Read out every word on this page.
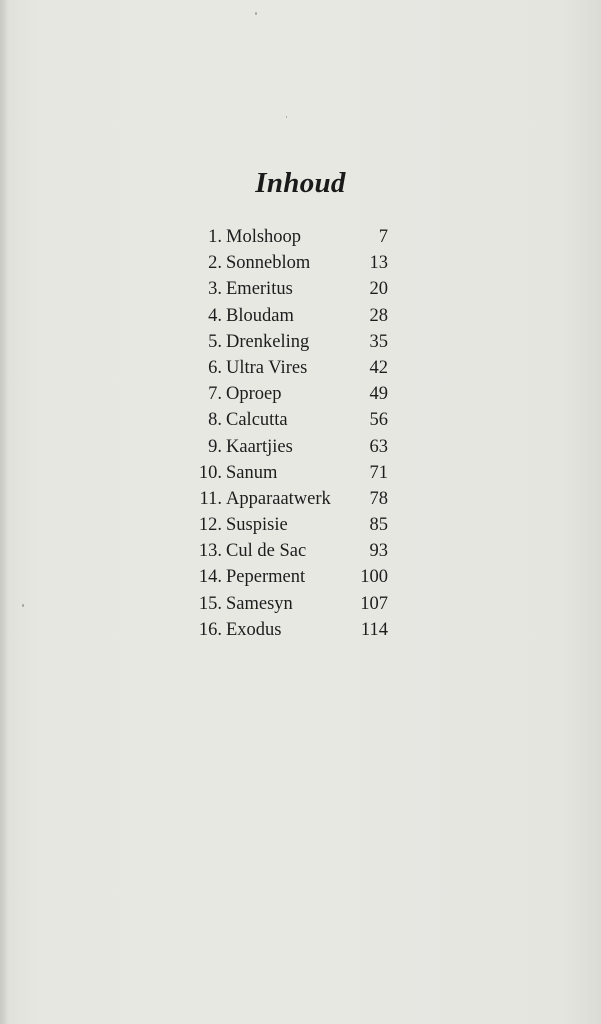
Inhoud
1. Molshoop	7
2. Sonneblom	13
3. Emeritus	20
4. Bloudam	28
5. Drenkeling	35
6. Ultra Vires	42
7. Oproep	49
8. Calcutta	56
9. Kaartjies	63
10. Sanum	71
11. Apparaatwerk 78
12. Suspisie	85
13. Cul de Sac	93
14. Peperment	100
15. Samesyn	107
16. Exodus	114
